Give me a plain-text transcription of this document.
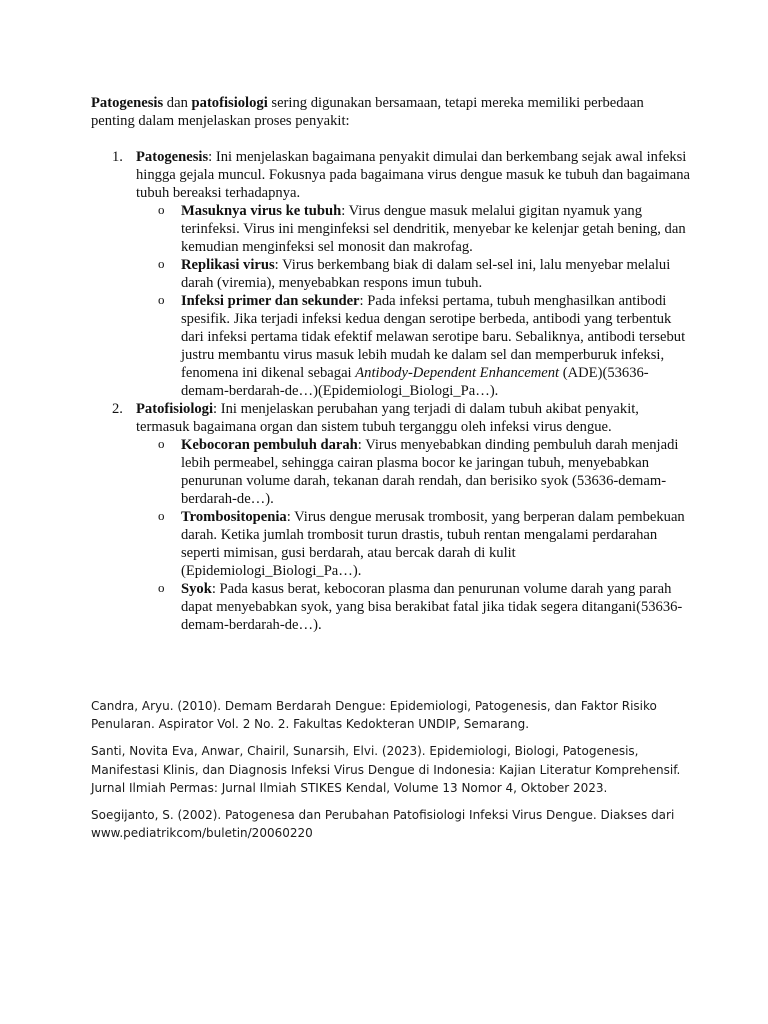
Patogenesis dan patofisiologi sering digunakan bersamaan, tetapi mereka memiliki perbedaan penting dalam menjelaskan proses penyakit:

1. Patogenesis: Ini menjelaskan bagaimana penyakit dimulai dan berkembang sejak awal infeksi hingga gejala muncul. Fokusnya pada bagaimana virus dengue masuk ke tubuh dan bagaimana tubuh bereaksi terhadapnya.
o Masuknya virus ke tubuh: Virus dengue masuk melalui gigitan nyamuk yang terinfeksi. Virus ini menginfeksi sel dendritik, menyebar ke kelenjar getah bening, dan kemudian menginfeksi sel monosit dan makrofag.
o Replikasi virus: Virus berkembang biak di dalam sel-sel ini, lalu menyebar melalui darah (viremia), menyebabkan respons imun tubuh.
o Infeksi primer dan sekunder: Pada infeksi pertama, tubuh menghasilkan antibodi spesifik. Jika terjadi infeksi kedua dengan serotipe berbeda, antibodi yang terbentuk dari infeksi pertama tidak efektif melawan serotipe baru. Sebaliknya, antibodi tersebut justru membantu virus masuk lebih mudah ke dalam sel dan memperburuk infeksi, fenomena ini dikenal sebagai Antibody-Dependent Enhancement (ADE)(53636-demam-berdarah-de…)(Epidemiologi_Biologi_Pa…).
2. Patofisiologi: Ini menjelaskan perubahan yang terjadi di dalam tubuh akibat penyakit, termasuk bagaimana organ dan sistem tubuh terganggu oleh infeksi virus dengue.
o Kebocoran pembuluh darah: Virus menyebabkan dinding pembuluh darah menjadi lebih permeabel, sehingga cairan plasma bocor ke jaringan tubuh, menyebabkan penurunan volume darah, tekanan darah rendah, dan berisiko syok (53636-demam-berdarah-de…).
o Trombositopenia: Virus dengue merusak trombosit, yang berperan dalam pembekuan darah. Ketika jumlah trombosit turun drastis, tubuh rentan mengalami perdarahan seperti mimisan, gusi berdarah, atau bercak darah di kulit (Epidemiologi_Biologi_Pa…).
o Syok: Pada kasus berat, kebocoran plasma dan penurunan volume darah yang parah dapat menyebabkan syok, yang bisa berakibat fatal jika tidak segera ditangani(53636-demam-berdarah-de…).

Candra, Aryu. (2010). Demam Berdarah Dengue: Epidemiologi, Patogenesis, dan Faktor Risiko Penularan. Aspirator Vol. 2 No. 2. Fakultas Kedokteran UNDIP, Semarang.

Santi, Novita Eva, Anwar, Chairil, Sunarsih, Elvi. (2023). Epidemiologi, Biologi, Patogenesis, Manifestasi Klinis, dan Diagnosis Infeksi Virus Dengue di Indonesia: Kajian Literatur Komprehensif. Jurnal Ilmiah Permas: Jurnal Ilmiah STIKES Kendal, Volume 13 Nomor 4, Oktober 2023.

Soegijanto, S. (2002). Patogenesa dan Perubahan Patofisiologi Infeksi Virus Dengue. Diakses dari www.pediatrikcom/buletin/20060220
